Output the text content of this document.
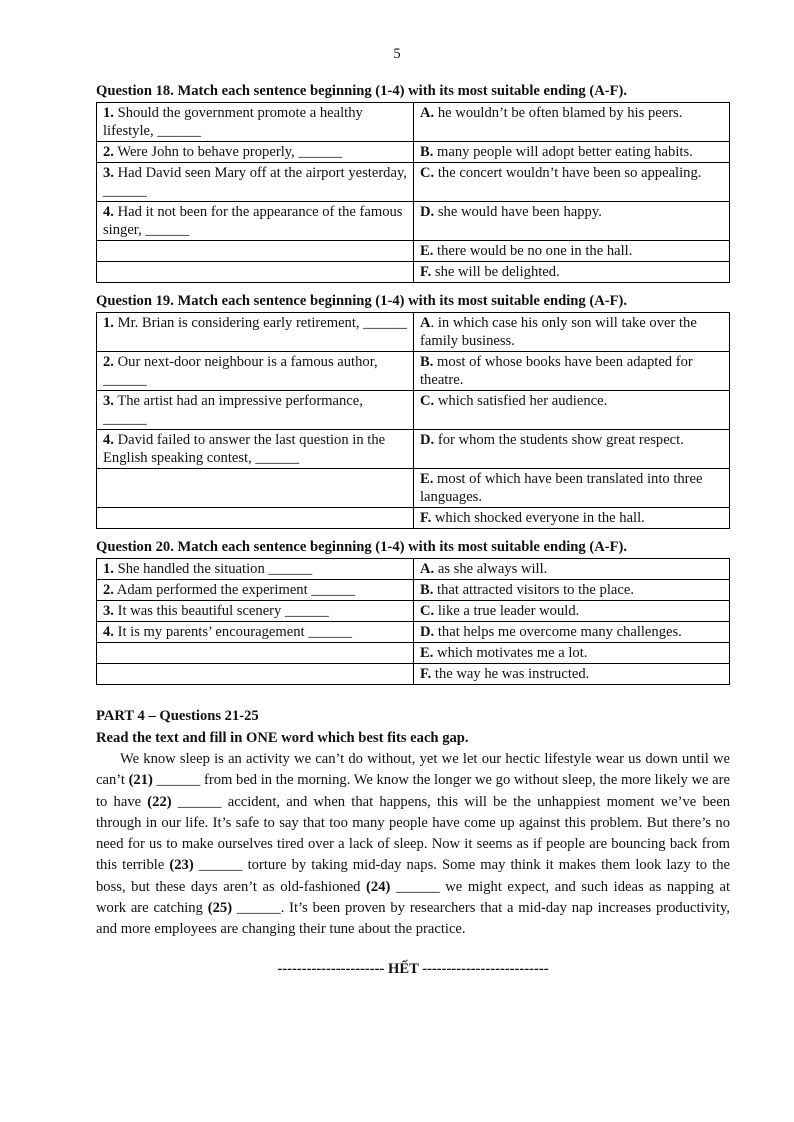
5
Question 18. Match each sentence beginning (1-4) with its most suitable ending (A-F).
1. Should the government promote a healthy lifestyle, ______	A. he wouldn’t be often blamed by his peers.
2. Were John to behave properly, ______	B. many people will adopt better eating habits.
3. Had David seen Mary off at the airport yesterday, ______	C. the concert wouldn’t have been so appealing.
4. Had it not been for the appearance of the famous singer, ______	D. she would have been happy.
	E. there would be no one in the hall.
	F. she will be delighted.
Question 19. Match each sentence beginning (1-4) with its most suitable ending (A-F).
1. Mr. Brian is considering early retirement, ______	A. in which case his only son will take over the family business.
2. Our next-door neighbour is a famous author, ______	B. most of whose books have been adapted for theatre.
3. The artist had an impressive performance, ______	C. which satisfied her audience.
4. David failed to answer the last question in the English speaking contest, ______	D. for whom the students show great respect.
	E. most of which have been translated into three languages.
	F. which shocked everyone in the hall.
Question 20. Match each sentence beginning (1-4) with its most suitable ending (A-F).
1. She handled the situation ______	A. as she always will.
2. Adam performed the experiment ______	B. that attracted visitors to the place.
3. It was this beautiful scenery ______	C. like a true leader would.
4. It is my parents’ encouragement ______	D. that helps me overcome many challenges.
	E. which motivates me a lot.
	F. the way he was instructed.
PART 4 – Questions 21-25
Read the text and fill in ONE word which best fits each gap.

We know sleep is an activity we can’t do without, yet we let our hectic lifestyle wear us down until we can’t (21) ______ from bed in the morning. We know the longer we go without sleep, the more likely we are to have (22) ______ accident, and when that happens, this will be the unhappiest moment we’ve been through in our life. It’s safe to say that too many people have come up against this problem. But there’s no need for us to make ourselves tired over a lack of sleep. Now it seems as if people are bouncing back from this terrible (23) ______ torture by taking mid-day naps. Some may think it makes them look lazy to the boss, but these days aren’t as old-fashioned (24) ______ we might expect, and such ideas as napping at work are catching (25) ______. It’s been proven by researchers that a mid-day nap increases productivity, and more employees are changing their tune about the practice.

---------------------- HẾT --------------------------
